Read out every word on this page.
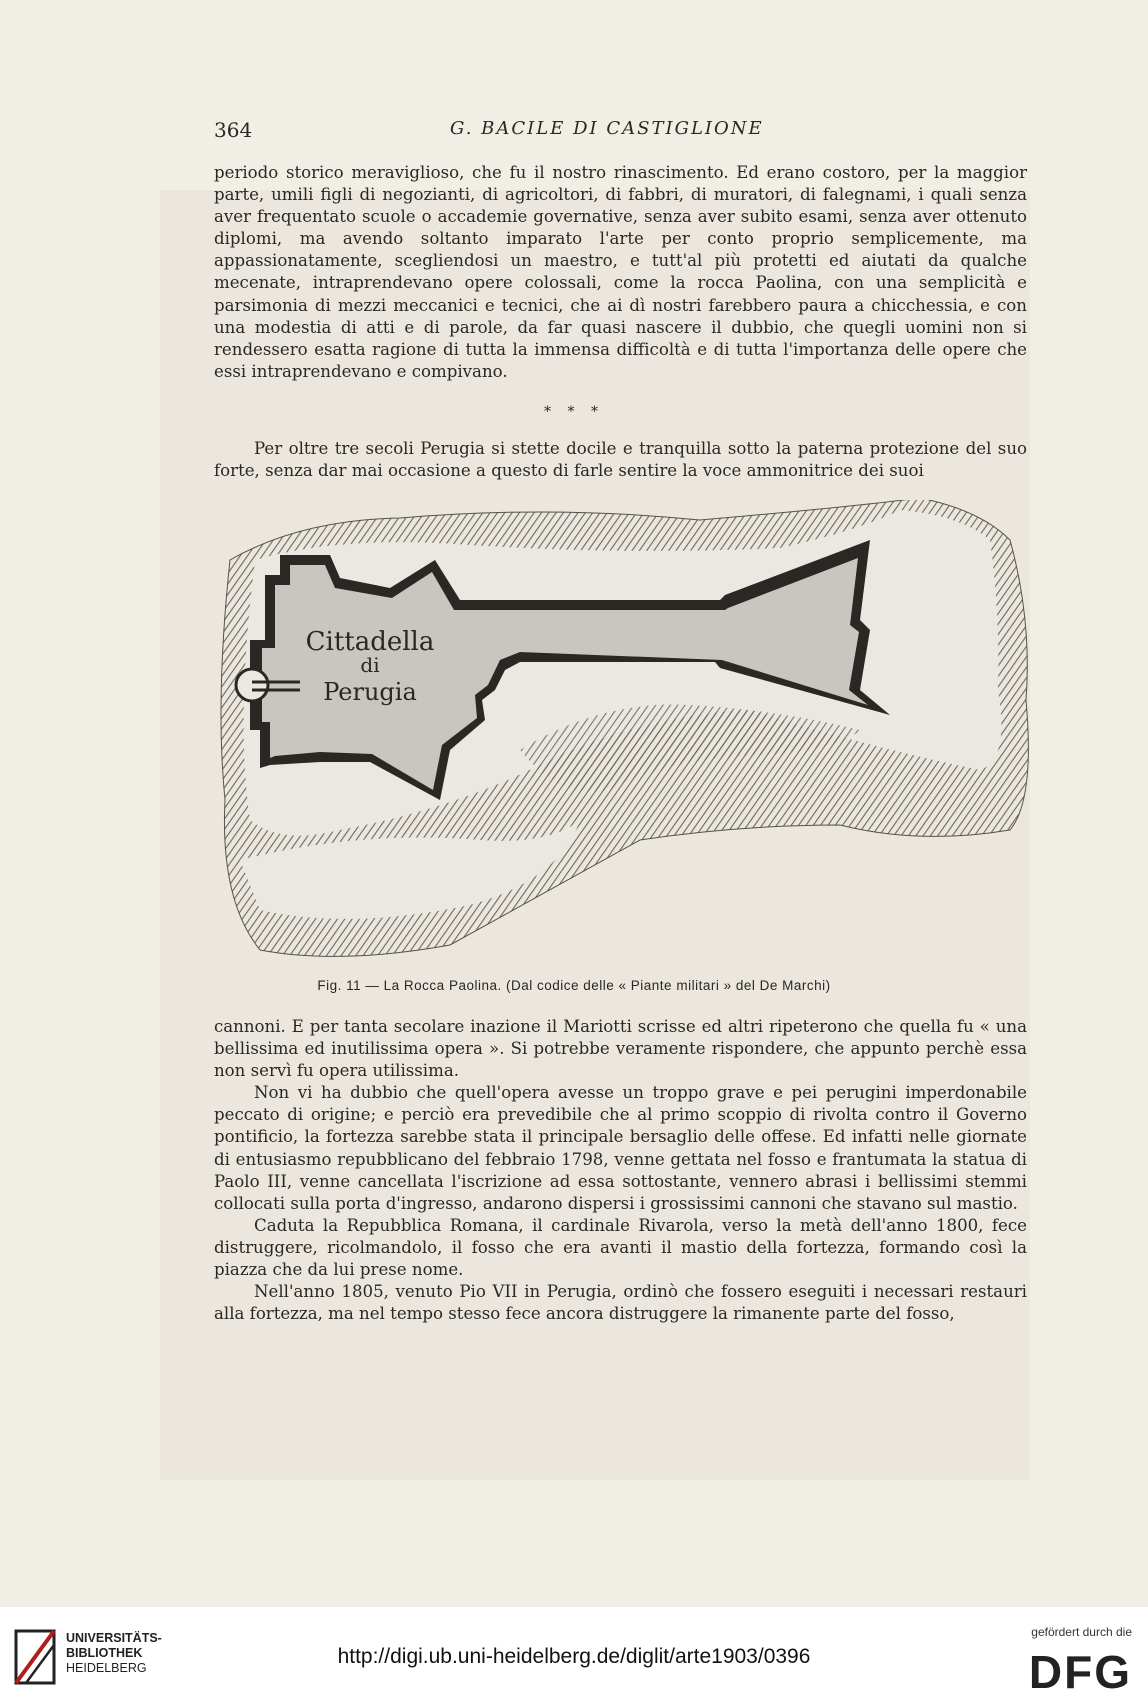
364	G. BACILE DI CASTIGLIONE

periodo storico meraviglioso, che fu il nostro rinascimento. Ed erano costoro, per la maggior parte, umili figli di negozianti, di agricoltori, di fabbri, di muratori, di falegnami, i quali senza aver frequentato scuole o accademie governative, senza aver subito esami, senza aver ottenuto diplomi, ma avendo soltanto imparato l'arte per conto proprio semplicemente, ma appassionatamente, scegliendosi un maestro, e tutt'al più protetti ed aiutati da qualche mecenate, intraprendevano opere colossali, come la rocca Paolina, con una semplicità e parsimonia di mezzi meccanici e tecnici, che ai dì nostri farebbero paura a chicchessia, e con una modestia di atti e di parole, da far quasi nascere il dubbio, che quegli uomini non si rendessero esatta ragione di tutta la immensa difficoltà e di tutta l'importanza delle opere che essi intraprendevano e compivano.

* * *

Per oltre tre secoli Perugia si stette docile e tranquilla sotto la paterna protezione del suo forte, senza dar mai occasione a questo di farle sentire la voce ammonitrice dei suoi

Cittadella
di
Perugia
Fig. 11 — La Rocca Paolina. (Dal codice delle « Piante militari » del De Marchi)

cannoni. E per tanta secolare inazione il Mariotti scrisse ed altri ripeterono che quella fu « una bellissima ed inutilissima opera ». Si potrebbe veramente rispondere, che appunto perchè essa non servì fu opera utilissima.

Non vi ha dubbio che quell'opera avesse un troppo grave e pei perugini imperdonabile peccato di origine; e perciò era prevedibile che al primo scoppio di rivolta contro il Governo pontificio, la fortezza sarebbe stata il principale bersaglio delle offese. Ed infatti nelle giornate di entusiasmo repubblicano del febbraio 1798, venne gettata nel fosso e frantumata la statua di Paolo III, venne cancellata l'iscrizione ad essa sottostante, vennero abrasi i bellissimi stemmi collocati sulla porta d'ingresso, andarono dispersi i grossissimi cannoni che stavano sul mastio.

Caduta la Repubblica Romana, il cardinale Rivarola, verso la metà dell'anno 1800, fece distruggere, ricolmandolo, il fosso che era avanti il mastio della fortezza, formando così la piazza che da lui prese nome.

Nell'anno 1805, venuto Pio VII in Perugia, ordinò che fossero eseguiti i necessari restauri alla fortezza, ma nel tempo stesso fece ancora distruggere la rimanente parte del fosso,

UNIVERSITÄTS-
BIBLIOTHEK
HEIDELBERG	http://digi.ub.uni-heidelberg.de/diglit/arte1903/0396
gefördert durch die
DFG
